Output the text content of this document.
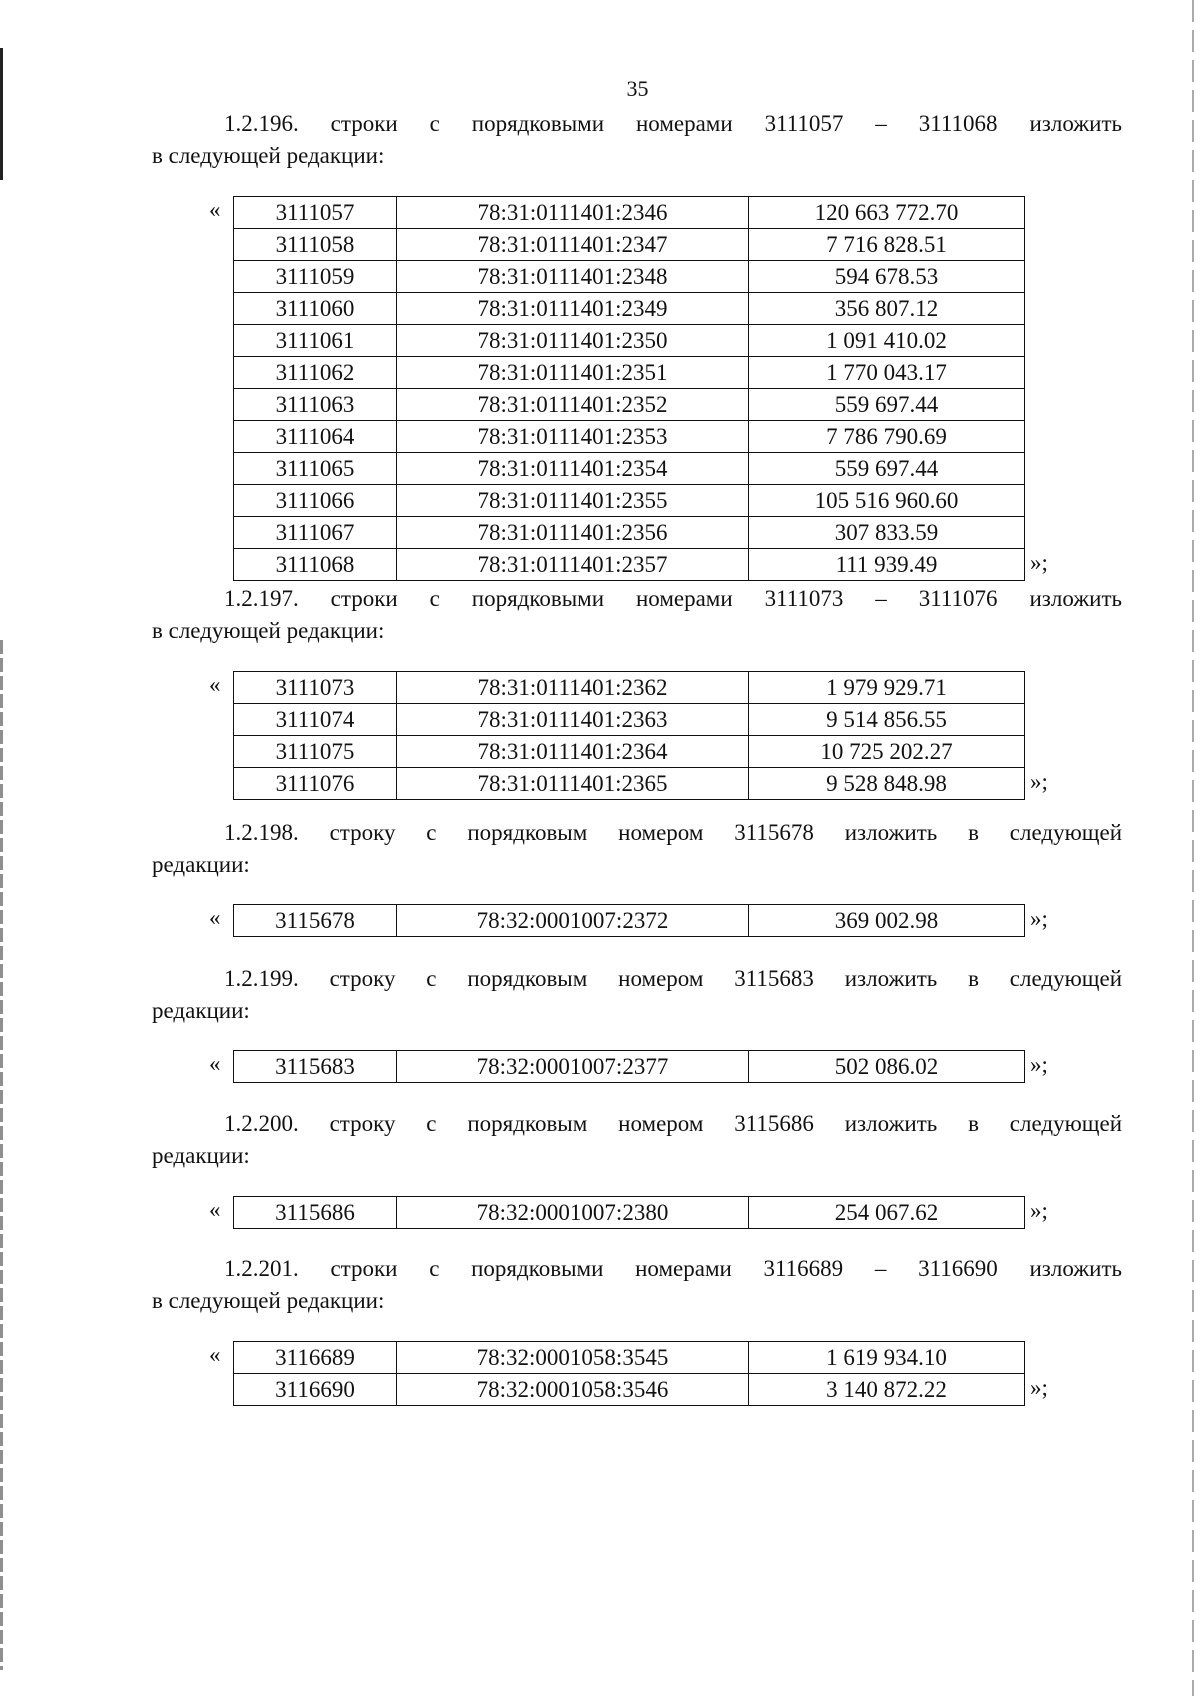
35
1.2.196. строки с порядковыми номерами 3111057 – 3111068 изложить
в следующей редакции:
« 3111057	78:31:0111401:2346	120 663 772.70
3111058	78:31:0111401:2347	7 716 828.51
3111059	78:31:0111401:2348	594 678.53
3111060	78:31:0111401:2349	356 807.12
3111061	78:31:0111401:2350	1 091 410.02
3111062	78:31:0111401:2351	1 770 043.17
3111063	78:31:0111401:2352	559 697.44
3111064	78:31:0111401:2353	7 786 790.69
3111065	78:31:0111401:2354	559 697.44
3111066	78:31:0111401:2355	105 516 960.60
3111067	78:31:0111401:2356	307 833.59
3111068	78:31:0111401:2357	111 939.49	»;
1.2.197. строки с порядковыми номерами 3111073 – 3111076 изложить
в следующей редакции:
« 3111073	78:31:0111401:2362	1 979 929.71
3111074	78:31:0111401:2363	9 514 856.55
3111075	78:31:0111401:2364	10 725 202.27
3111076	78:31:0111401:2365	9 528 848.98	»;
1.2.198. строку с порядковым номером 3115678 изложить в следующей
редакции:
« 3115678	78:32:0001007:2372	369 002.98	»;
1.2.199. строку с порядковым номером 3115683 изложить в следующей
редакции:
« 3115683	78:32:0001007:2377	502 086.02	»;
1.2.200. строку с порядковым номером 3115686 изложить в следующей
редакции:
« 3115686	78:32:0001007:2380	254 067.62	»;
1.2.201. строки с порядковыми номерами 3116689 – 3116690 изложить
в следующей редакции:
« 3116689	78:32:0001058:3545	1 619 934.10
3116690	78:32:0001058:3546	3 140 872.22	»;
